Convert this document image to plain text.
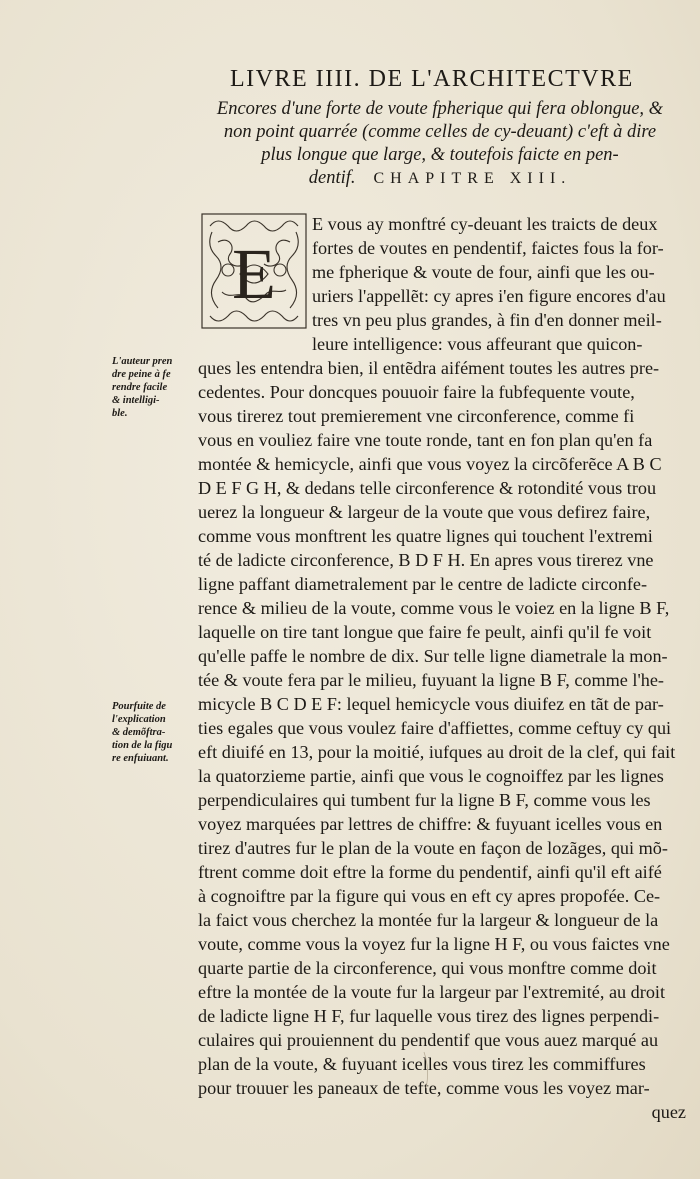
LIVRE IIII. DE L'ARCHITECTVRE
Encores d'une forte de voute fpherique qui fera oblongue, &
non point quarrée (comme celles de cy-deuant) c'eft à dire
plus longue que large, & toutefois faicte en pen-
dentif. CHAPITRE XIII.
E
E vous ay monftré cy-deuant les traicts de deux
fortes de voutes en pendentif, faictes fous la for-
me fpherique & voute de four, ainfi que les ou-
uriers l'appellẽt: cy apres i'en figure encores d'au
tres vn peu plus grandes, à fin d'en donner meil-
leure intelligence: vous affeurant que quicon-
ques les entendra bien, il entẽdra aifément toutes les autres pre-
cedentes. Pour doncques pouuoir faire la fubfequente voute,
vous tirerez tout premierement vne circonference, comme fi
vous en vouliez faire vne toute ronde, tant en fon plan qu'en fa
montée & hemicycle, ainfi que vous voyez la circõferẽce A B C
D E F G H, & dedans telle circonference & rotondité vous trou
uerez la longueur & largeur de la voute que vous defirez faire,
comme vous monftrent les quatre lignes qui touchent l'extremi
té de ladicte circonference, B D F H. En apres vous tirerez vne
ligne paffant diametralement par le centre de ladicte circonfe-
rence & milieu de la voute, comme vous le voiez en la ligne B F,
laquelle on tire tant longue que faire fe peult, ainfi qu'il fe voit
qu'elle paffe le nombre de dix. Sur telle ligne diametrale la mon-
tée & voute fera par le milieu, fuyuant la ligne B F, comme l'he-
micycle B C D E F: lequel hemicycle vous diuifez en tãt de par-
ties egales que vous voulez faire d'affiettes, comme ceftuy cy qui
eft diuifé en 13, pour la moitié, iufques au droit de la clef, qui fait
la quatorzieme partie, ainfi que vous le cognoiffez par les lignes
perpendiculaires qui tumbent fur la ligne B F, comme vous les
voyez marquées par lettres de chiffre: & fuyuant icelles vous en
tirez d'autres fur le plan de la voute en façon de lozãges, qui mõ-
ftrent comme doit eftre la forme du pendentif, ainfi qu'il eft aifé
à cognoiftre par la figure qui vous en eft cy apres propofée. Ce-
la faict vous cherchez la montée fur la largeur & longueur de la
voute, comme vous la voyez fur la ligne H F, ou vous faictes vne
quarte partie de la circonference, qui vous monftre comme doit
eftre la montée de la voute fur la largeur par l'extremité, au droit
de ladicte ligne H F, fur laquelle vous tirez des lignes perpendi-
culaires qui prouiennent du pendentif que vous auez marqué au
plan de la voute, & fuyuant icelles vous tirez les commiffures
pour trouuer les paneaux de tefte, comme vous les voyez mar-
quez
L'auteur pren
dre peine à fe
rendre facile
& intelligi-
ble.
Pourfuite de
l'explication
& demõftra-
tion de la figu
re enfuiuant.
